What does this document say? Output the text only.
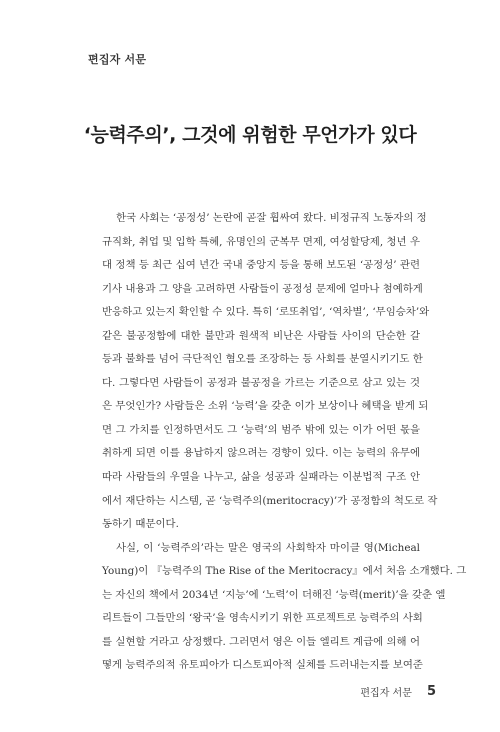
편집자 서문
‘능력주의’, 그것에 위험한 무언가가 있다
한국 사회는 ‘공정성’ 논란에 곧잘 휩싸여 왔다. 비정규직 노동자의 정
규직화, 취업 및 입학 특혜, 유명인의 군복무 면제, 여성할당제, 청년 우
대 정책 등 최근 십여 년간 국내 중앙지 등을 통해 보도된 ‘공정성’ 관련
기사 내용과 그 양을 고려하면 사람들이 공정성 문제에 얼마나 첨예하게
반응하고 있는지 확인할 수 있다. 특히 ‘로또취업’, ‘역차별’, ‘무임승차’와
같은 불공정함에 대한 불만과 원색적 비난은 사람들 사이의 단순한 갈
등과 불화를 넘어 극단적인 혐오를 조장하는 등 사회를 분열시키기도 한
다. 그렇다면 사람들이 공정과 불공정을 가르는 기준으로 삼고 있는 것
은 무엇인가? 사람들은 소위 ‘능력’을 갖춘 이가 보상이나 혜택을 받게 되
면 그 가치를 인정하면서도 그 ‘능력’의 범주 밖에 있는 이가 어떤 몫을
취하게 되면 이를 용납하지 않으려는 경향이 있다. 이는 능력의 유무에
따라 사람들의 우열을 나누고, 삶을 성공과 실패라는 이분법적 구조 안
에서 재단하는 시스템, 곧 ‘능력주의(meritocracy)’가 공정함의 척도로 작
동하기 때문이다.
사실, 이 ‘능력주의’라는 말은 영국의 사회학자 마이클 영(Micheal
Young)이 『능력주의 The Rise of the Meritocracy』에서 처음 소개했다. 그
는 자신의 책에서 2034년 ‘지능’에 ‘노력’이 더해진 ‘능력(merit)’을 갖춘 엘
리트들이 그들만의 ‘왕국’을 영속시키기 위한 프로젝트로 능력주의 사회
를 실현할 거라고 상정했다. 그러면서 영은 이들 엘리트 계급에 의해 어
떻게 능력주의적 유토피아가 디스토피아적 실체를 드러내는지를 보여준
편집자 서문 5
